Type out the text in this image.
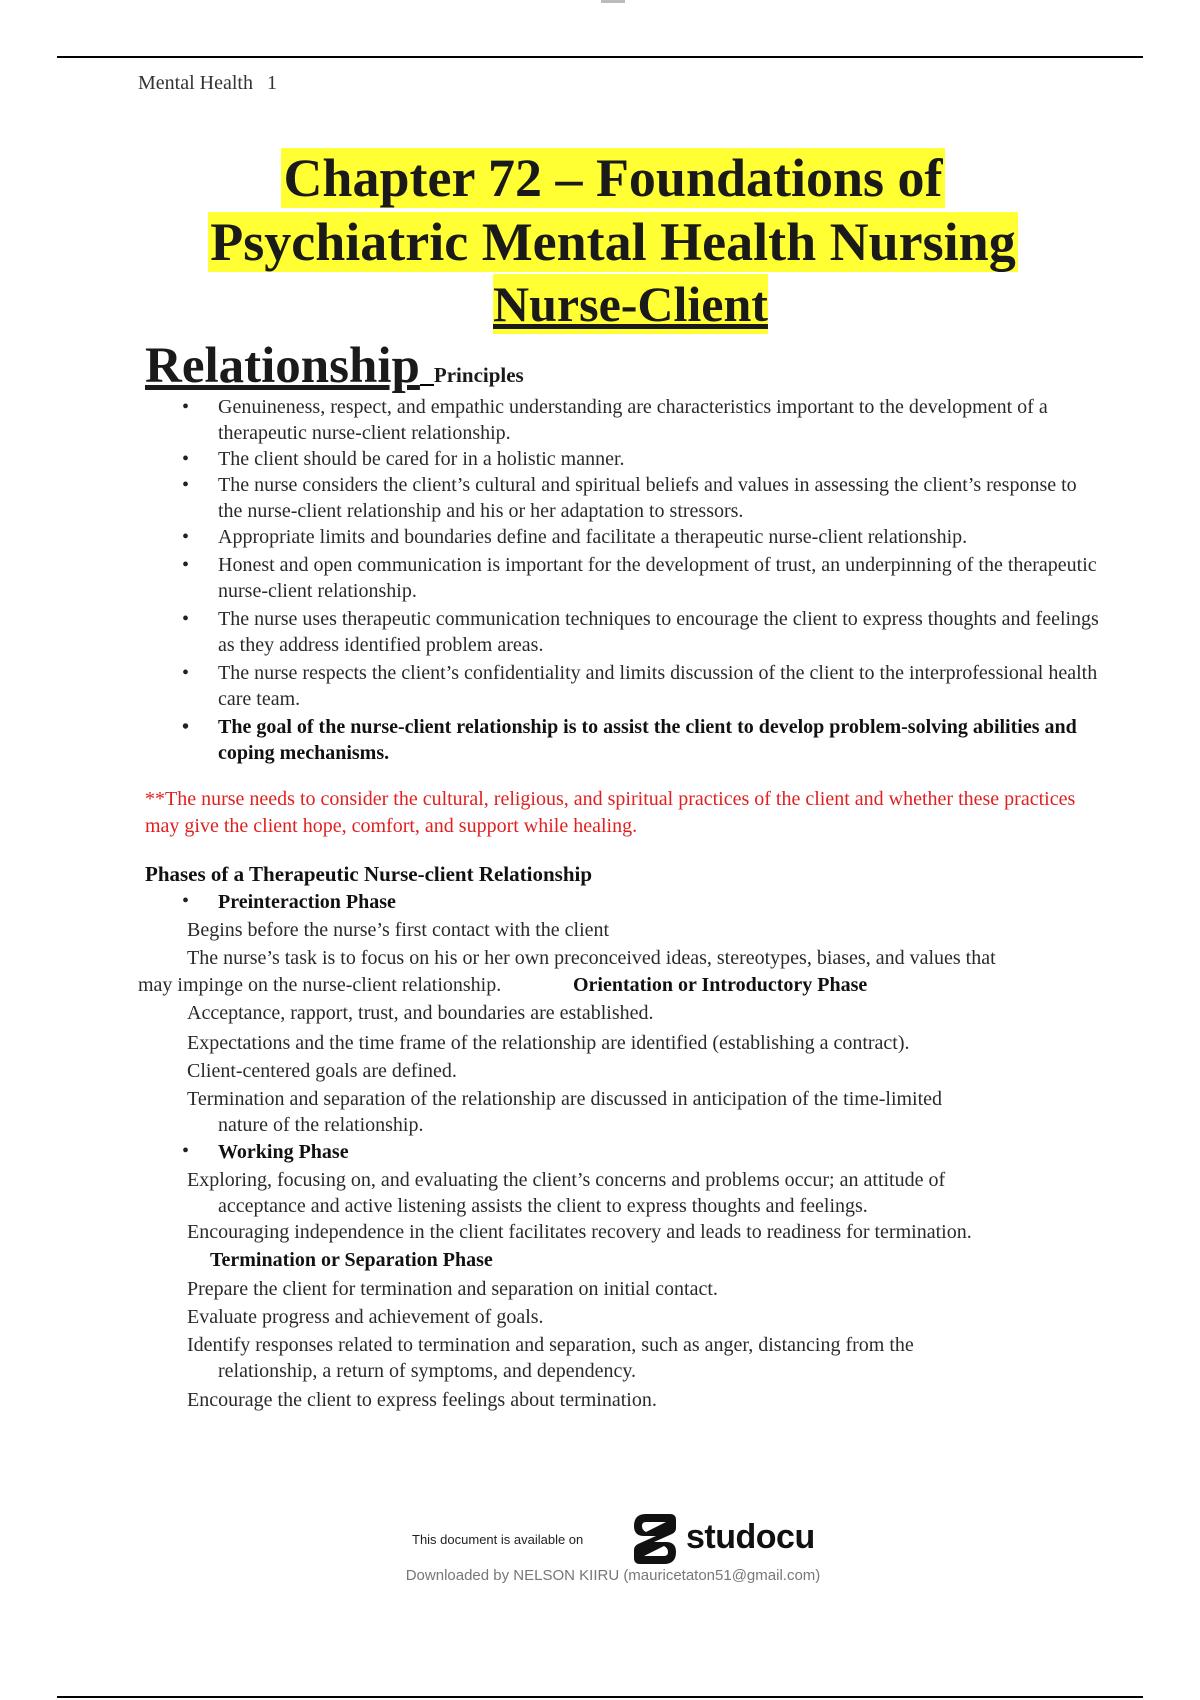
Mental Health 1
Chapter 72 – Foundations of
Psychiatric Mental Health Nursing
Nurse-Client
Relationship Principles
• Genuineness, respect, and empathic understanding are characteristics important to the development of a therapeutic nurse-client relationship.
• The client should be cared for in a holistic manner.
• The nurse considers the client’s cultural and spiritual beliefs and values in assessing the client’s response to the nurse-client relationship and his or her adaptation to stressors.
• Appropriate limits and boundaries define and facilitate a therapeutic nurse-client relationship.
• Honest and open communication is important for the development of trust, an underpinning of the therapeutic nurse-client relationship.
• The nurse uses therapeutic communication techniques to encourage the client to express thoughts and feelings as they address identified problem areas.
• The nurse respects the client’s confidentiality and limits discussion of the client to the interprofessional health care team.
• The goal of the nurse-client relationship is to assist the client to develop problem-solving abilities and coping mechanisms.
**The nurse needs to consider the cultural, religious, and spiritual practices of the client and whether these practices may give the client hope, comfort, and support while healing.
Phases of a Therapeutic Nurse-client Relationship
• Preinteraction Phase
Begins before the nurse’s first contact with the client
The nurse’s task is to focus on his or her own preconceived ideas, stereotypes, biases, and values that
may impinge on the nurse-client relationship.	Orientation or Introductory Phase
Acceptance, rapport, trust, and boundaries are established.
Expectations and the time frame of the relationship are identified (establishing a contract).
Client-centered goals are defined.
Termination and separation of the relationship are discussed in anticipation of the time-limited
nature of the relationship.
• Working Phase
Exploring, focusing on, and evaluating the client’s concerns and problems occur; an attitude of
acceptance and active listening assists the client to express thoughts and feelings.
Encouraging independence in the client facilitates recovery and leads to readiness for termination.
Termination or Separation Phase
Prepare the client for termination and separation on initial contact.
Evaluate progress and achievement of goals.
Identify responses related to termination and separation, such as anger, distancing from the
relationship, a return of symptoms, and dependency.
Encourage the client to express feelings about termination.
This document is available on	studocu
Downloaded by NELSON KIIRU (mauricetaton51@gmail.com)
